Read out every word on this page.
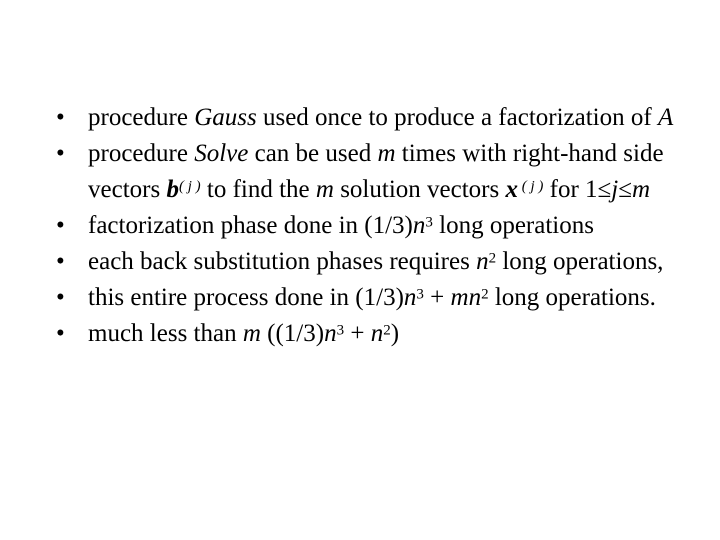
• procedure Gauss used once to produce a factorization of A
• procedure Solve can be used m times with right-hand side vectors $b^{( j )}$ to find the m solution vectors x $^{( j )}$ for 1≤j≤m
• factorization phase done in $(1/3)n^3$ long operations
• each back substitution phases requires $n^2$ long operations,
• this entire process done in $(1/3)n^3 + mn^2$ long operations.
• much less than m $((1/3)n^3 + n^2)$
